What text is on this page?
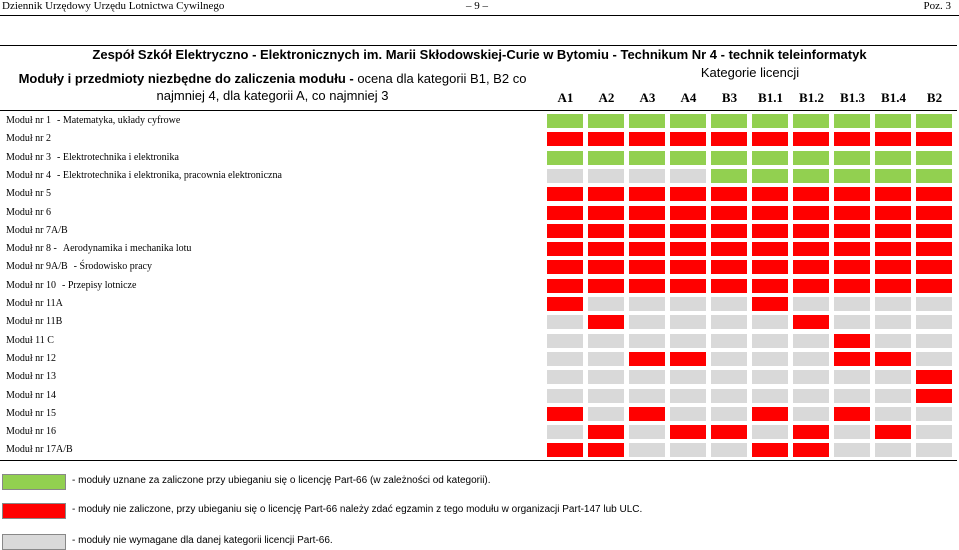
Dziennik Urzędowy Urzędu Lotnictwa Cywilnego	– 9 –	Poz. 3
Zespół Szkół Elektryczno - Elektronicznych im. Marii Skłodowskiej-Curie w Bytomiu - Technikum Nr 4 - technik teleinformatyk
Moduły i przedmioty niezbędne do zaliczenia modułu - ocena dla kategorii B1, B2 co
najmniej 4, dla kategorii A, co najmniej 3
Kategorie licencji
A1	A2	A3	A4	B3	B1.1	B1.2	B1.3	B1.4	B2
Moduł nr 1 - Matematyka, układy cyfrowe
Moduł nr 2
Moduł nr 3 - Elektrotechnika i elektronika
Moduł nr 4 - Elektrotechnika i elektronika, pracownia elektroniczna
Moduł nr 5
Moduł nr 6
Moduł nr 7A/B
Moduł nr 8 - Aerodynamika i mechanika lotu
Moduł nr 9A/B - Środowisko pracy
Moduł nr 10 - Przepisy lotnicze
Moduł nr 11A
Moduł nr 11B
Moduł 11 C
Moduł nr 12
Moduł nr 13
Moduł nr 14
Moduł nr 15
Moduł nr 16
Moduł nr 17A/B
- moduły uznane za zaliczone przy ubieganiu się o licencję Part-66 (w zależności od kategorii).
- moduły nie zaliczone, przy ubieganiu się o licencję Part-66 należy zdać egzamin z tego modułu w organizacji Part-147 lub ULC.
- moduły nie wymagane dla danej kategorii licencji Part-66.
